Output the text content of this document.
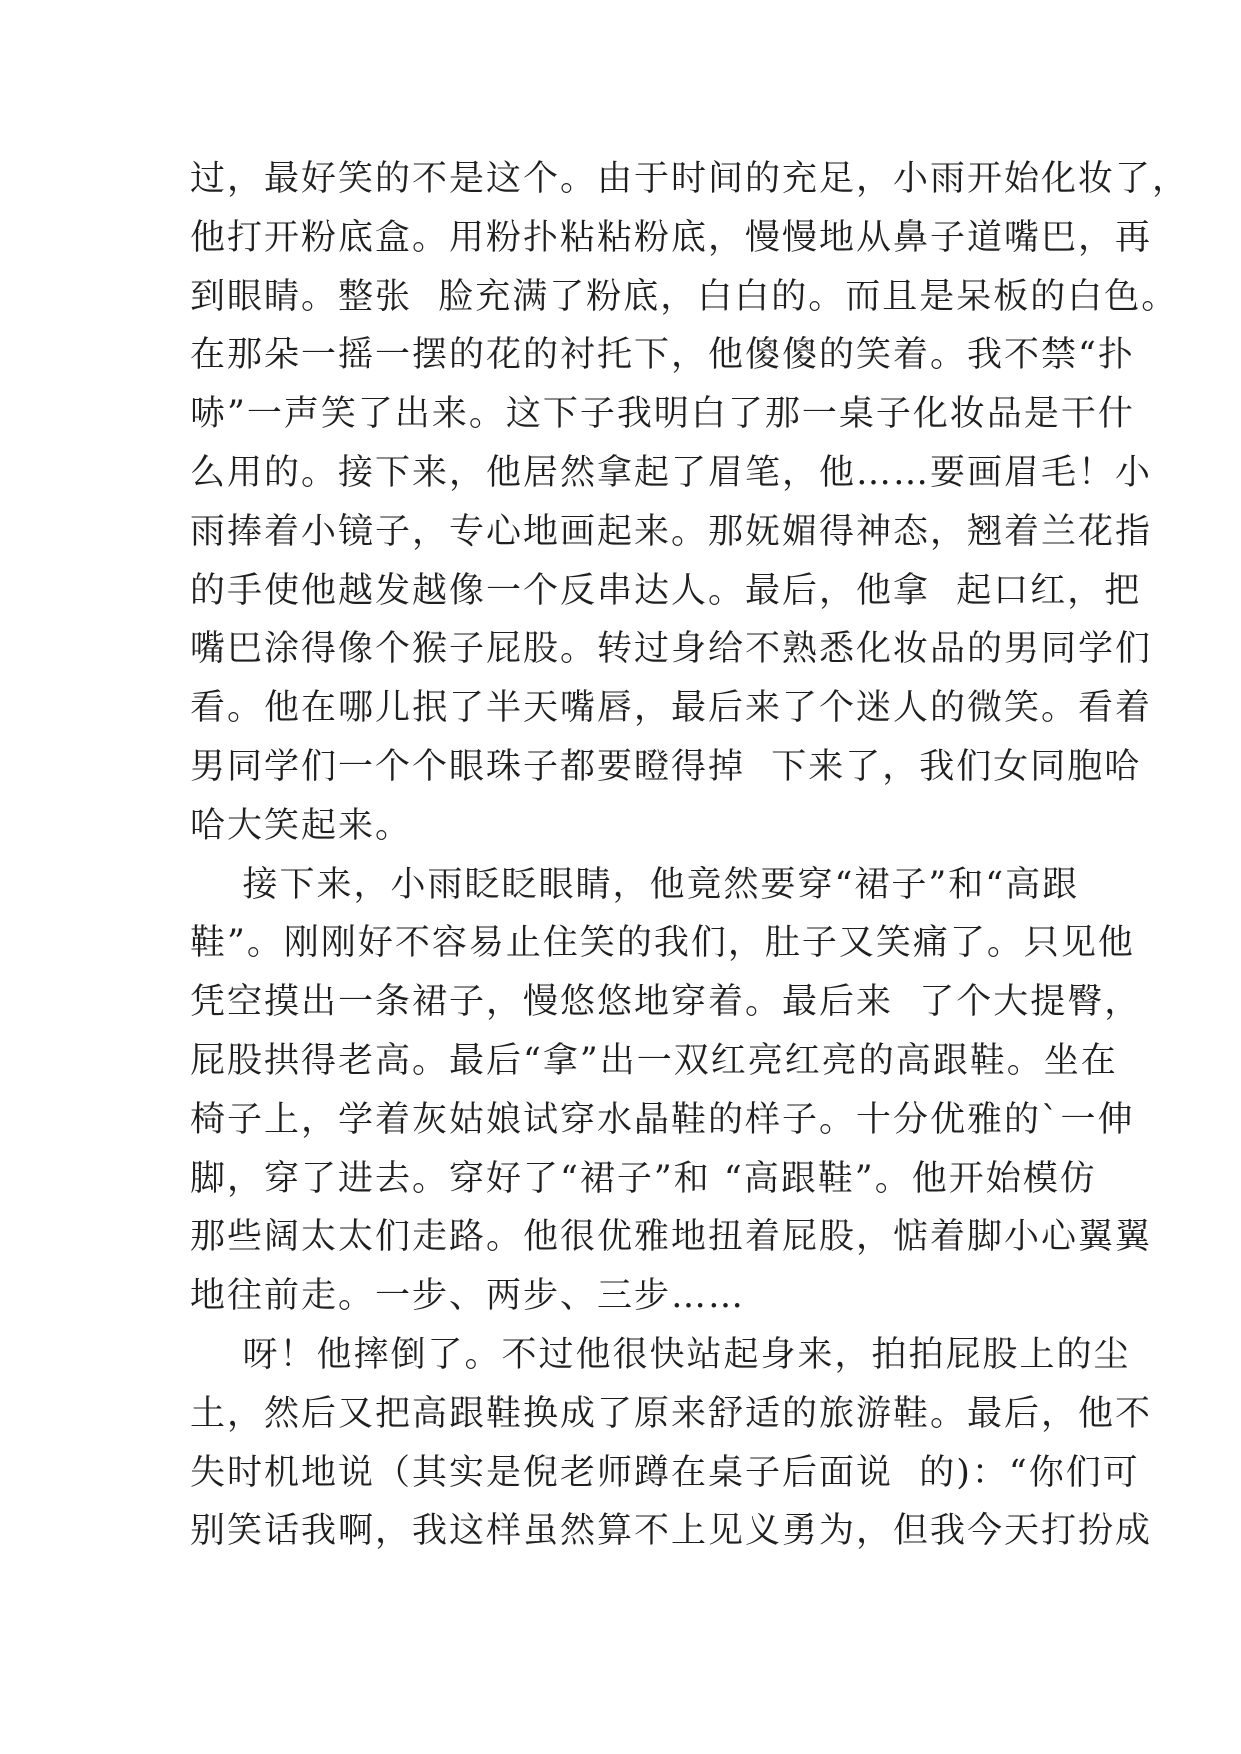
过，最好笑的不是这个。由于时间的充足，小雨开始化妆了，
他打开粉底盒。用粉扑粘粘粉底，慢慢地从鼻子道嘴巴，再
到眼睛。整张  脸充满了粉底，白白的。而且是呆板的白色。
在那朵一摇一摆的花的衬托下，他傻傻的笑着。我不禁“扑
哧”一声笑了出来。这下子我明白了那一桌子化妆品是干什
么用的。接下来，他居然拿起了眉笔，他……要画眉毛！小
雨捧着小镜子，专心地画起来。那妩媚得神态，翘着兰花指
的手使他越发越像一个反串达人。最后，他拿  起口红，把
嘴巴涂得像个猴子屁股。转过身给不熟悉化妆品的男同学们
看。他在哪儿抿了半天嘴唇，最后来了个迷人的微笑。看着
男同学们一个个眼珠子都要瞪得掉  下来了，我们女同胞哈
哈大笑起来。
接下来，小雨眨眨眼睛，他竟然要穿“裙子”和“高跟
鞋”。刚刚好不容易止住笑的我们，肚子又笑痛了。只见他
凭空摸出一条裙子，慢悠悠地穿着。最后来  了个大提臀，
屁股拱得老高。最后“拿”出一双红亮红亮的高跟鞋。坐在
椅子上，学着灰姑娘试穿水晶鞋的样子。十分优雅的`一伸
脚，穿了进去。穿好了“裙子”和 “高跟鞋”。他开始模仿
那些阔太太们走路。他很优雅地扭着屁股，惦着脚小心翼翼
地往前走。一步、两步、三步……
呀！他摔倒了。不过他很快站起身来，拍拍屁股上的尘
土，然后又把高跟鞋换成了原来舒适的旅游鞋。最后，他不
失时机地说（其实是倪老师蹲在桌子后面说  的)：“你们可
别笑话我啊，我这样虽然算不上见义勇为，但我今天打扮成
